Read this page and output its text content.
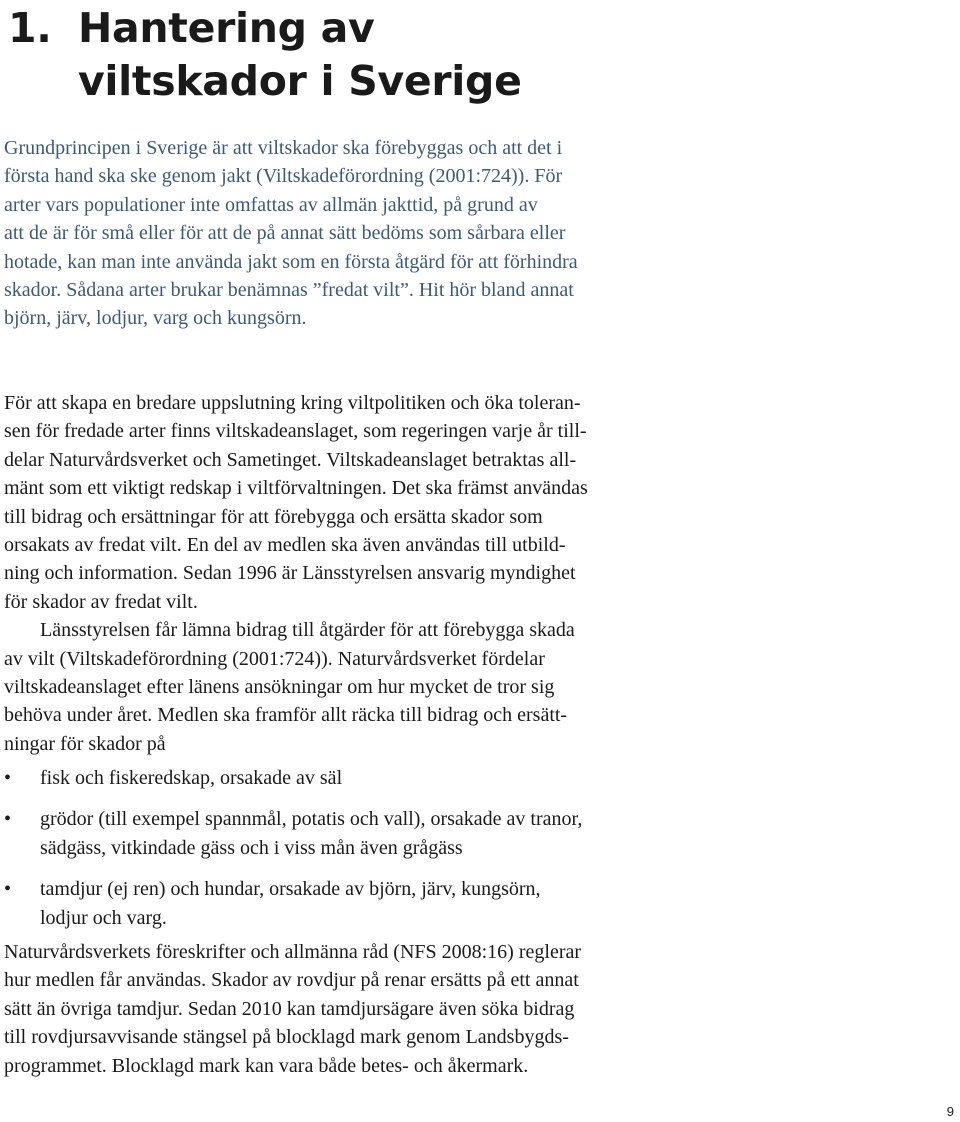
1. Hantering av
viltskador i Sverige

Grundprincipen i Sverige är att viltskador ska förebyggas och att det i
första hand ska ske genom jakt (Viltskadeförordning (2001:724)). För
arter vars populationer inte omfattas av allmän jakttid, på grund av
att de är för små eller för att de på annat sätt bedöms som sårbara eller
hotade, kan man inte använda jakt som en första åtgärd för att förhindra
skador. Sådana arter brukar benämnas ”fredat vilt”. Hit hör bland annat
björn, järv, lodjur, varg och kungsörn.

För att skapa en bredare uppslutning kring viltpolitiken och öka toleran-
sen för fredade arter finns viltskadeanslaget, som regeringen varje år till-
delar Naturvårdsverket och Sametinget. Viltskadeanslaget betraktas all-
mänt som ett viktigt redskap i viltförvaltningen. Det ska främst användas
till bidrag och ersättningar för att förebygga och ersätta skador som
orsakats av fredat vilt. En del av medlen ska även användas till utbild-
ning och information. Sedan 1996 är Länsstyrelsen ansvarig myndighet
för skador av fredat vilt.
Länsstyrelsen får lämna bidrag till åtgärder för att förebygga skada
av vilt (Viltskadeförordning (2001:724)). Naturvårdsverket fördelar
viltskadeanslaget efter länens ansökningar om hur mycket de tror sig
behöva under året. Medlen ska framför allt räcka till bidrag och ersätt-
ningar för skador på

•	fisk och fiskeredskap, orsakade av säl
•	grödor (till exempel spannmål, potatis och vall), orsakade av tranor,
sädgäss, vitkindade gäss och i viss mån även grågäss
•	tamdjur (ej ren) och hundar, orsakade av björn, järv, kungsörn,
lodjur och varg.

Naturvårdsverkets föreskrifter och allmänna råd (NFS 2008:16) reglerar
hur medlen får användas. Skador av rovdjur på renar ersätts på ett annat
sätt än övriga tamdjur. Sedan 2010 kan tamdjursägare även söka bidrag
till rovdjursavvisande stängsel på blocklagd mark genom Landsbygds-
programmet. Blocklagd mark kan vara både betes- och åkermark.

9
